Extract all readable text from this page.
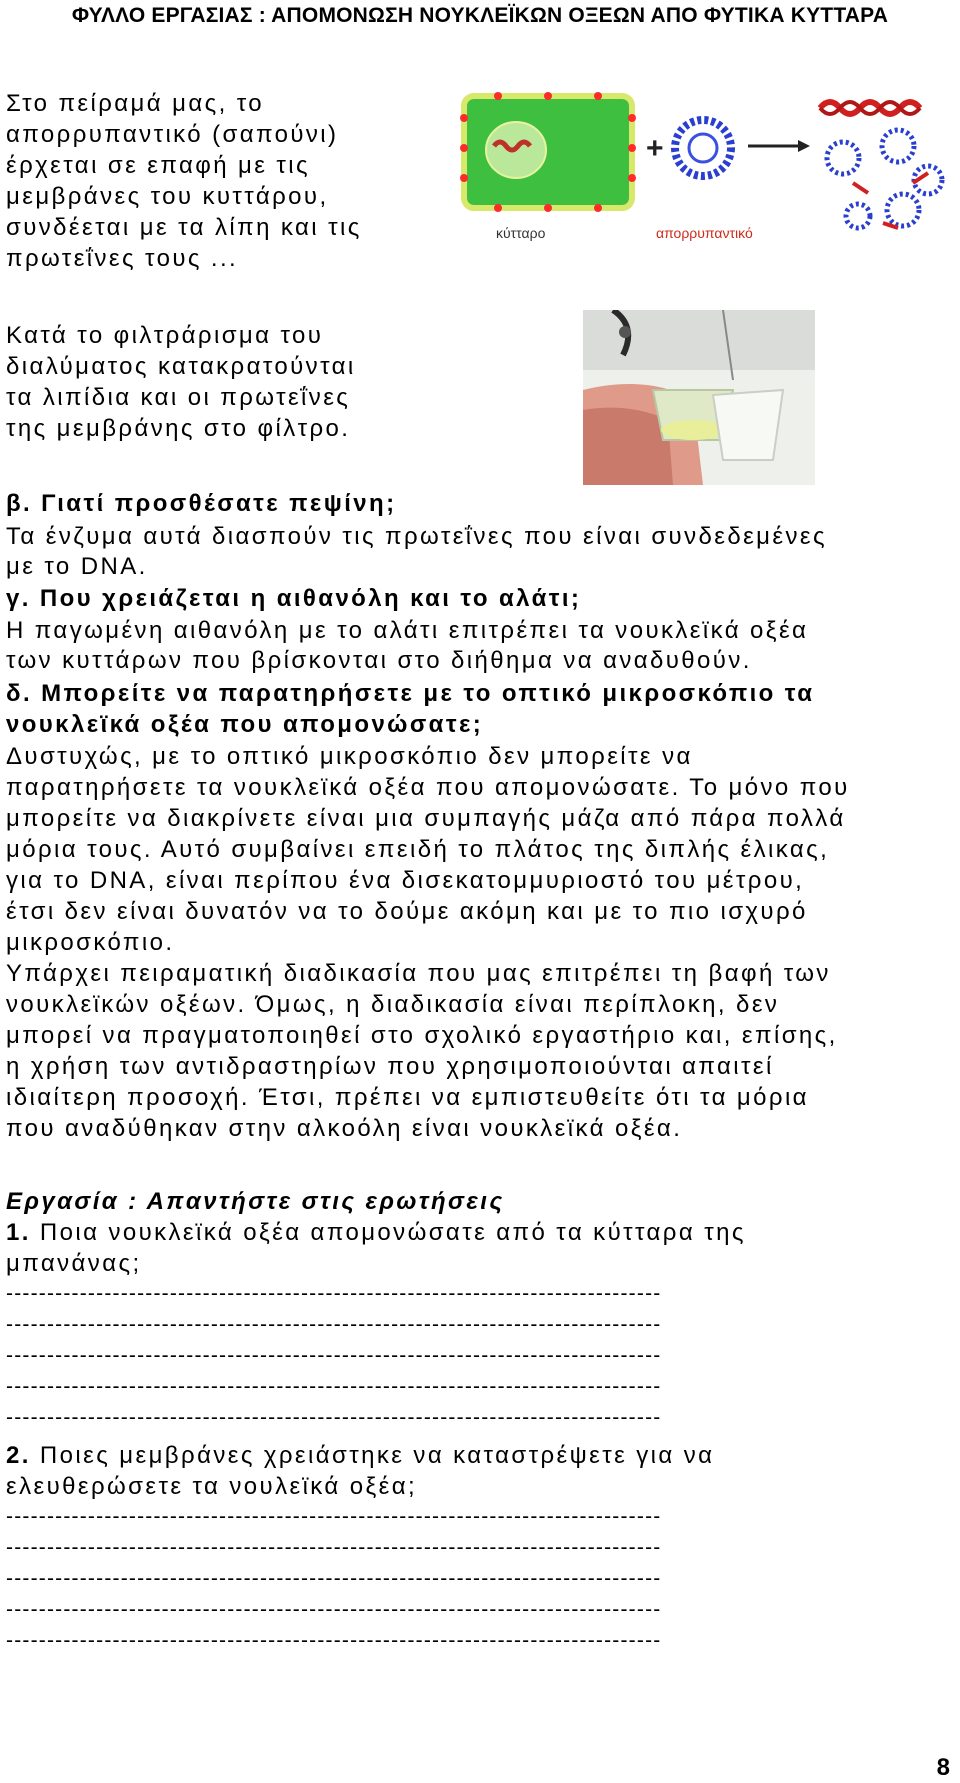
ΦΥΛΛΟ ΕΡΓΑΣΙΑΣ : ΑΠΟΜΟΝΩΣΗ ΝΟΥΚΛΕΪΚΩΝ ΟΞΕΩΝ ΑΠΟ ΦΥΤΙΚΑ ΚΥΤΤΑΡΑ
Στο πείραμά μας, το
απορρυπαντικό (σαπούνι)
έρχεται σε επαφή με τις
μεμβράνες του κυττάρου,
συνδέεται με τα λίπη και τις
πρωτεΐνες τους ...
κύτταρο
+
απορρυπαντικό
Κατά το φιλτράρισμα του
διαλύματος κατακρατούνται
τα λιπίδια και οι πρωτεΐνες
της μεμβράνης στο φίλτρο.
β. Γιατί προσθέσατε πεψίνη;
Τα ένζυμα αυτά διασπούν τις πρωτεΐνες που είναι συνδεδεμένες
με το DNA.
γ. Που χρειάζεται η αιθανόλη και το αλάτι;
Η παγωμένη αιθανόλη με το αλάτι επιτρέπει τα νουκλεϊκά οξέα
των κυττάρων που βρίσκονται στο διήθημα να αναδυθούν.
δ. Μπορείτε να παρατηρήσετε με το οπτικό μικροσκόπιο τα
νουκλεϊκά οξέα που απομονώσατε;
Δυστυχώς, με το οπτικό μικροσκόπιο δεν μπορείτε να
παρατηρήσετε τα νουκλεϊκά οξέα που απομονώσατε. Το μόνο που
μπορείτε να διακρίνετε είναι μια συμπαγής μάζα από πάρα πολλά
μόρια τους. Αυτό συμβαίνει επειδή το πλάτος της διπλής έλικας,
για το DNA, είναι περίπου ένα δισεκατομμυριοστό του μέτρου,
έτσι δεν είναι δυνατόν να το δούμε ακόμη και με το πιο ισχυρό
μικροσκόπιο.
Υπάρχει πειραματική διαδικασία που μας επιτρέπει τη βαφή των
νουκλεϊκών οξέων. Όμως, η διαδικασία είναι περίπλοκη, δεν
μπορεί να πραγματοποιηθεί στο σχολικό εργαστήριο και, επίσης,
η χρήση των αντιδραστηρίων που χρησιμοποιούνται απαιτεί
ιδιαίτερη προσοχή. Έτσι, πρέπει να εμπιστευθείτε ότι τα μόρια
που αναδύθηκαν στην αλκοόλη είναι νουκλεϊκά οξέα.
Εργασία : Απαντήστε στις ερωτήσεις
1. Ποια νουκλεϊκά οξέα απομονώσατε από τα κύτταρα της
μπανάνας;
--------------------------------------------------------------------------------
--------------------------------------------------------------------------------
--------------------------------------------------------------------------------
--------------------------------------------------------------------------------
--------------------------------------------------------------------------------
2. Ποιες μεμβράνες χρειάστηκε να καταστρέψετε για να
ελευθερώσετε τα νουλεϊκά οξέα;
--------------------------------------------------------------------------------
--------------------------------------------------------------------------------
--------------------------------------------------------------------------------
--------------------------------------------------------------------------------
--------------------------------------------------------------------------------
8
